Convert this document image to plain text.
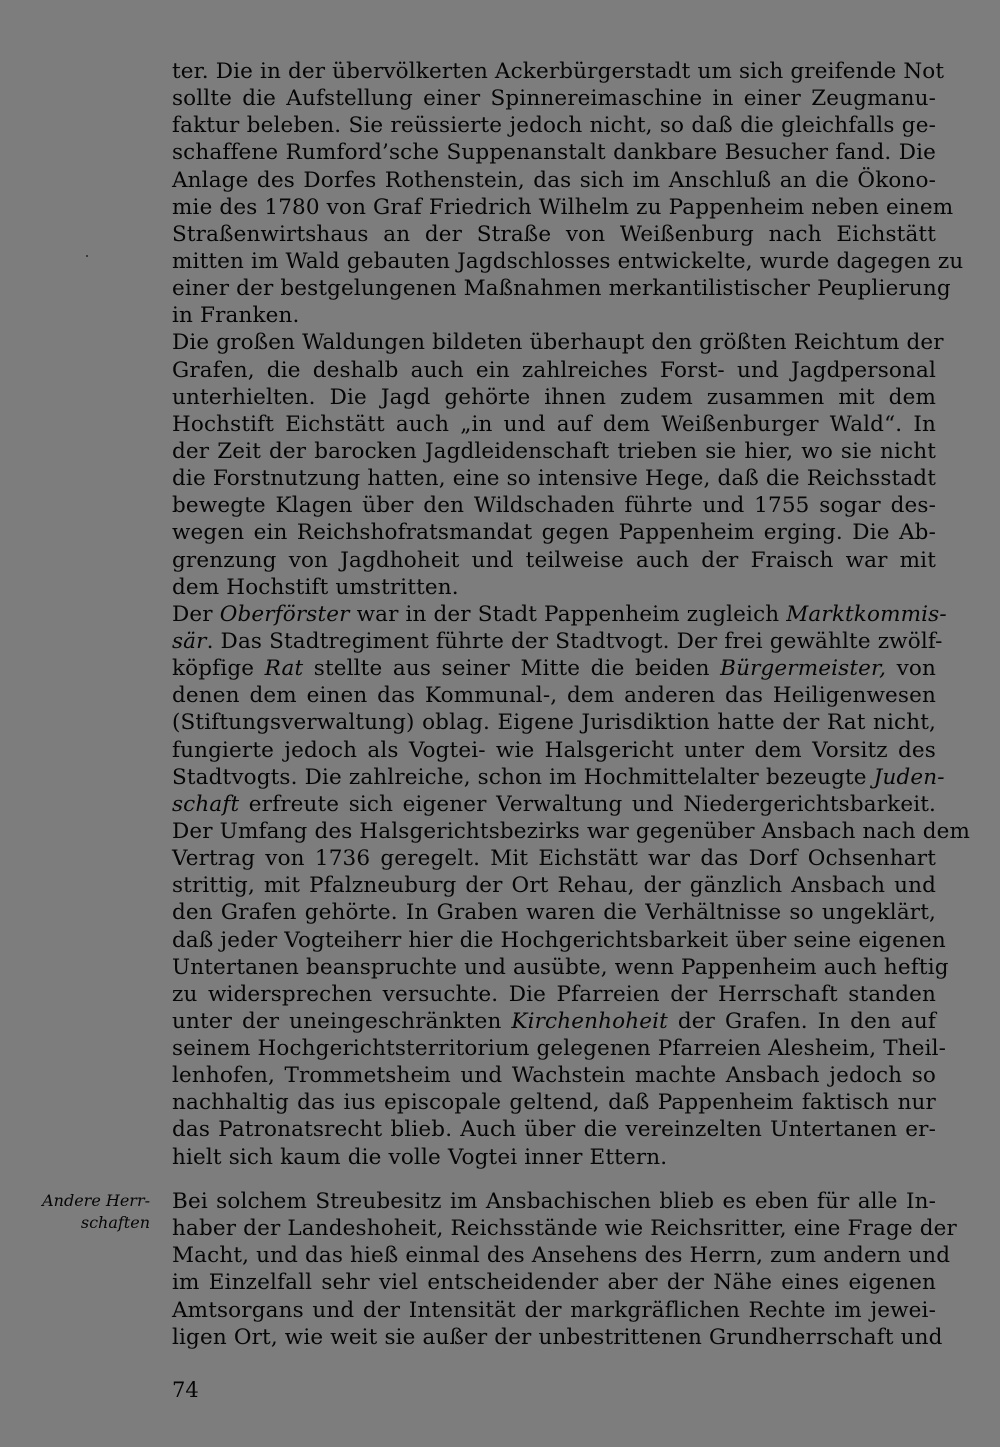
ter. Die in der übervölkerten Ackerbürgerstadt um sich greifende Not
sollte die Aufstellung einer Spinnereimaschine in einer Zeugmanu-
faktur beleben. Sie reüssierte jedoch nicht, so daß die gleichfalls ge-
schaffene Rumford’sche Suppenanstalt dankbare Besucher fand. Die
Anlage des Dorfes Rothenstein, das sich im Anschluß an die Ökono-
mie des 1780 von Graf Friedrich Wilhelm zu Pappenheim neben einem
Straßenwirtshaus an der Straße von Weißenburg nach Eichstätt
mitten im Wald gebauten Jagdschlosses entwickelte, wurde dagegen zu
einer der bestgelungenen Maßnahmen merkantilistischer Peuplierung
in Franken.
Die großen Waldungen bildeten überhaupt den größten Reichtum der
Grafen, die deshalb auch ein zahlreiches Forst- und Jagdpersonal
unterhielten. Die Jagd gehörte ihnen zudem zusammen mit dem
Hochstift Eichstätt auch „in und auf dem Weißenburger Wald“. In
der Zeit der barocken Jagdleidenschaft trieben sie hier, wo sie nicht
die Forstnutzung hatten, eine so intensive Hege, daß die Reichsstadt
bewegte Klagen über den Wildschaden führte und 1755 sogar des-
wegen ein Reichshofratsmandat gegen Pappenheim erging. Die Ab-
grenzung von Jagdhoheit und teilweise auch der Fraisch war mit
dem Hochstift umstritten.
Der Oberförster war in der Stadt Pappenheim zugleich Marktkommis-
sär. Das Stadtregiment führte der Stadtvogt. Der frei gewählte zwölf-
köpfige Rat stellte aus seiner Mitte die beiden Bürgermeister, von
denen dem einen das Kommunal-, dem anderen das Heiligenwesen
(Stiftungsverwaltung) oblag. Eigene Jurisdiktion hatte der Rat nicht,
fungierte jedoch als Vogtei- wie Halsgericht unter dem Vorsitz des
Stadtvogts. Die zahlreiche, schon im Hochmittelalter bezeugte Juden-
schaft erfreute sich eigener Verwaltung und Niedergerichtsbarkeit.
Der Umfang des Halsgerichtsbezirks war gegenüber Ansbach nach dem
Vertrag von 1736 geregelt. Mit Eichstätt war das Dorf Ochsenhart
strittig, mit Pfalzneuburg der Ort Rehau, der gänzlich Ansbach und
den Grafen gehörte. In Graben waren die Verhältnisse so ungeklärt,
daß jeder Vogteiherr hier die Hochgerichtsbarkeit über seine eigenen
Untertanen beanspruchte und ausübte, wenn Pappenheim auch heftig
zu widersprechen versuchte. Die Pfarreien der Herrschaft standen
unter der uneingeschränkten Kirchenhoheit der Grafen. In den auf
seinem Hochgerichtsterritorium gelegenen Pfarreien Alesheim, Theil-
lenhofen, Trommetsheim und Wachstein machte Ansbach jedoch so
nachhaltig das ius episcopale geltend, daß Pappenheim faktisch nur
das Patronatsrecht blieb. Auch über die vereinzelten Untertanen er-
hielt sich kaum die volle Vogtei inner Ettern.
Andere Herr-
schaften
Bei solchem Streubesitz im Ansbachischen blieb es eben für alle In-
haber der Landeshoheit, Reichsstände wie Reichsritter, eine Frage der
Macht, und das hieß einmal des Ansehens des Herrn, zum andern und
im Einzelfall sehr viel entscheidender aber der Nähe eines eigenen
Amtsorgans und der Intensität der markgräflichen Rechte im jewei-
ligen Ort, wie weit sie außer der unbestrittenen Grundherrschaft und
74
